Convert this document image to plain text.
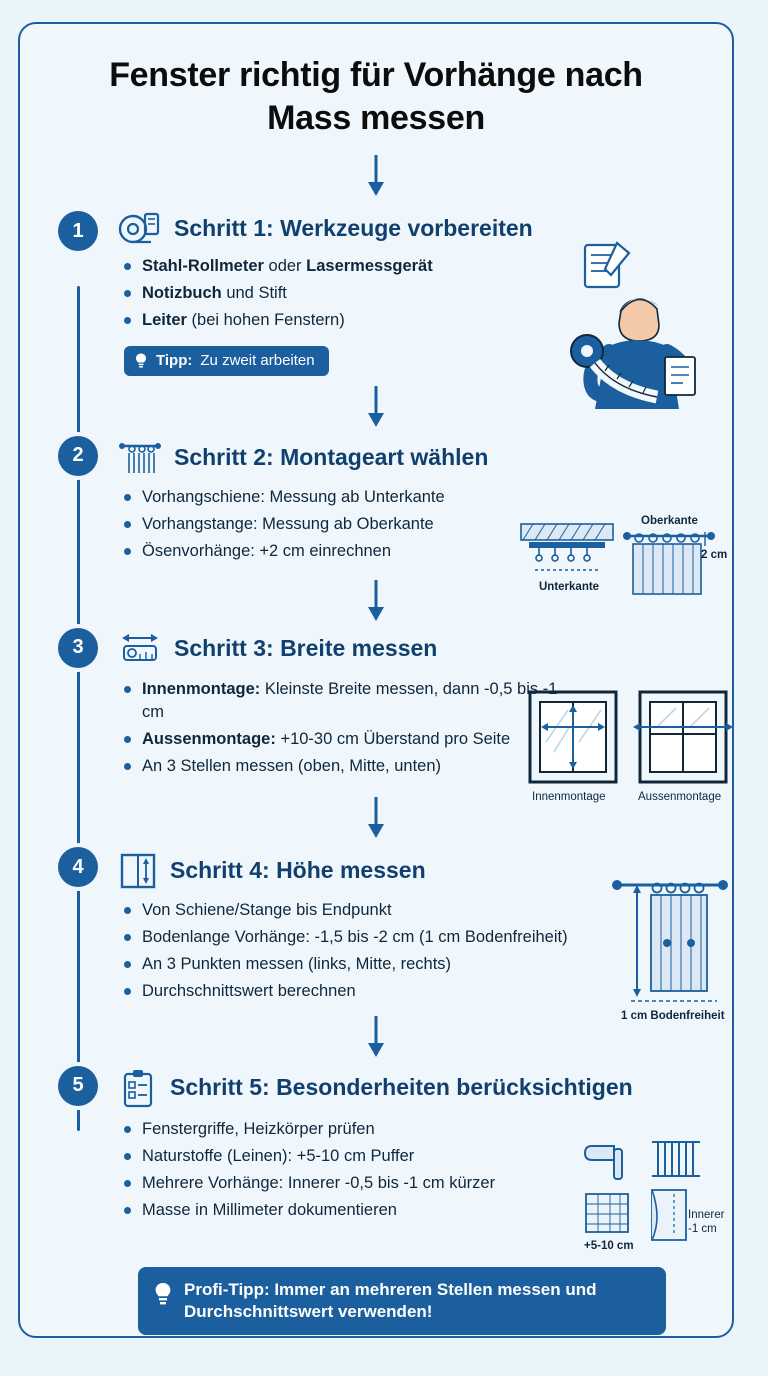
Fenster richtig für Vorhänge nach Mass messen
1	Schritt 1: Werkzeuge vorbereiten
Stahl-Rollmeter oder Lasermessgerät
Notizbuch und Stift
Leiter (bei hohen Fenstern)
Tipp: Zu zweit arbeiten
2	Schritt 2: Montageart wählen
Vorhangschiene: Messung ab Unterkante
Vorhangstange: Messung ab Oberkante
Ösenvorhänge: +2 cm einrechnen
Unterkante
Oberkante
2 cm
3	Schritt 3: Breite messen
Innenmontage: Kleinste Breite messen, dann -0,5 bis -1 cm
Aussenmontage: +10-30 cm Überstand pro Seite
An 3 Stellen messen (oben, Mitte, unten)
Innenmontage	Aussenmontage
4	Schritt 4: Höhe messen
Von Schiene/Stange bis Endpunkt
Bodenlange Vorhänge: -1,5 bis -2 cm (1 cm Bodenfreiheit)
An 3 Punkten messen (links, Mitte, rechts)
Durchschnittswert berechnen
1 cm Bodenfreiheit
5	Schritt 5: Besonderheiten berücksichtigen
Fenstergriffe, Heizkörper prüfen
Naturstoffe (Leinen): +5-10 cm Puffer
Mehrere Vorhänge: Innerer -0,5 bis -1 cm kürzer
Masse in Millimeter dokumentieren
+5-10 cm
Innerer
-1 cm
Profi-Tipp: Immer an mehreren Stellen messen und Durchschnittswert verwenden!
